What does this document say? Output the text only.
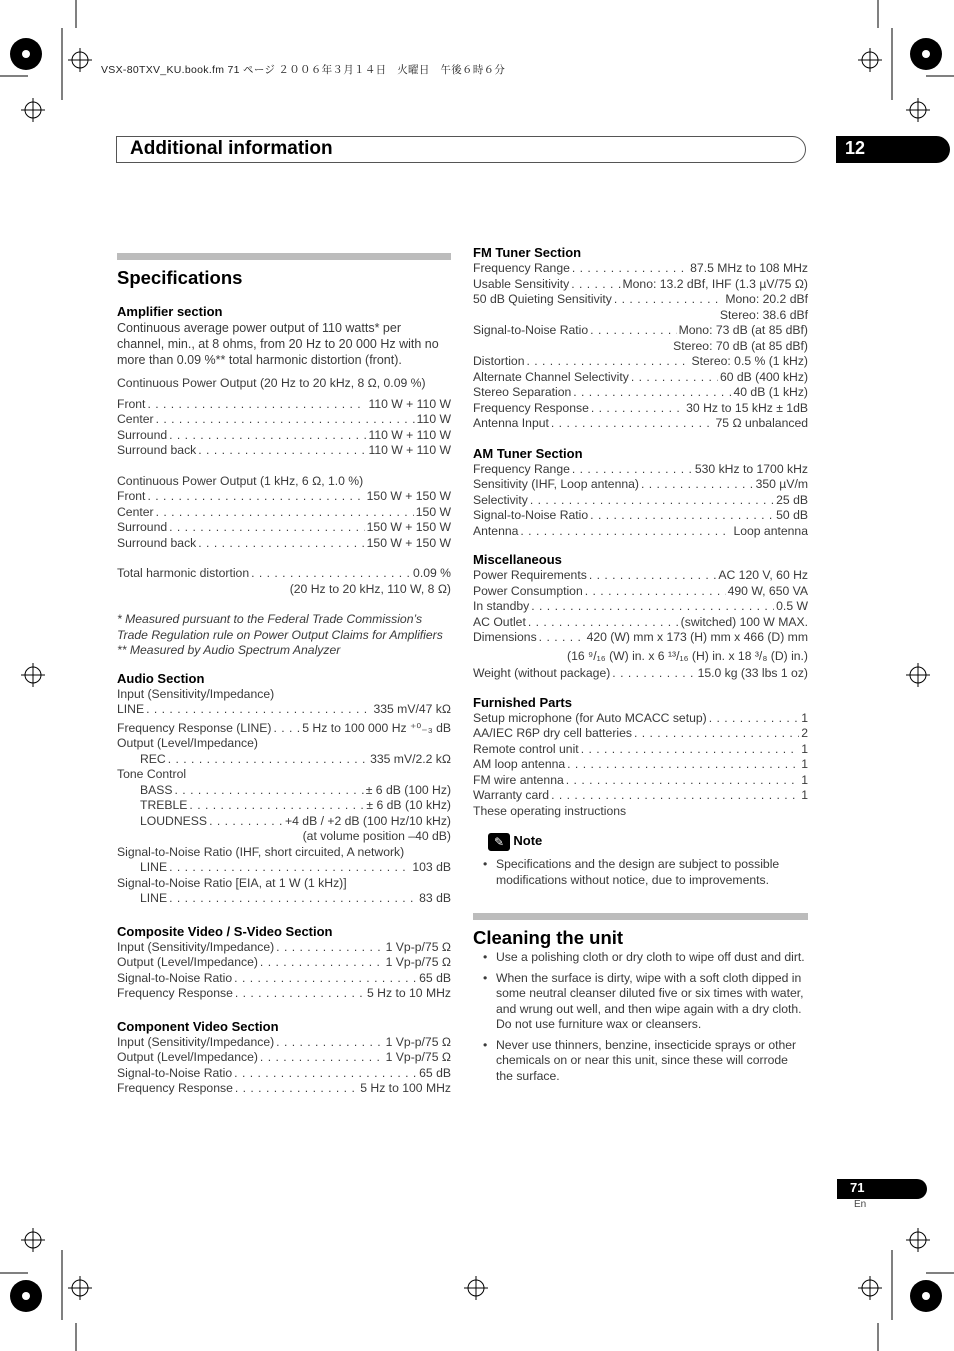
VSX-80TXV_KU.book.fm 71 ページ ２００６年３月１４日　火曜日　午後６時６分
Additional information	12
Specifications
Amplifier section

Continuous average power output of 110 watts* per channel, min., at 8 ohms, from 20 Hz to 20 000 Hz with no more than 0.09 %** total harmonic distortion (front).

Continuous Power Output (20 Hz to 20 kHz, 8 Ω, 0.09 %)

Front . . .	110 W + 110 W
Center . . .	110 W
Surround . . .	110 W + 110 W
Surround back . . .	110 W + 110 W

Continuous Power Output (1 kHz, 6 Ω, 1.0 %)

Front . . .	150 W + 150 W
Center . . .	150 W
Surround . . .	150 W + 150 W
Surround back . . .	150 W + 150 W
Total harmonic distortion . . .	0.09 %

(20 Hz to 20 kHz, 110 W, 8 Ω)

* Measured pursuant to the Federal Trade Commission’s Trade Regulation rule on Power Output Claims for Amplifiers

** Measured by Audio Spectrum Analyzer

Audio Section

Input (Sensitivity/Impedance)

LINE . . .	335 mV/47 kΩ
Frequency Response (LINE) . . .	5 Hz to 100 000 Hz ⁺⁰₋₃ dB

Output (Level/Impedance)

REC . . .	335 mV/2.2 kΩ

Tone Control

BASS . . .	± 6 dB (100 Hz)
TREBLE . . .	± 6 dB (10 kHz)
LOUDNESS . . .	+4 dB / +2 dB (100 Hz/10 kHz)

(at volume position –40 dB)

Signal-to-Noise Ratio (IHF, short circuited, A network)

LINE . . .	103 dB

Signal-to-Noise Ratio [EIA, at 1 W (1 kHz)]

LINE . . .	83 dB
Composite Video / S-Video Section
Input (Sensitivity/Impedance) . . .	1 Vp-p/75 Ω
Output (Level/Impedance) . . .	1 Vp-p/75 Ω
Signal-to-Noise Ratio . . .	65 dB
Frequency Response . . .	5 Hz to 10 MHz
Component Video Section
Input (Sensitivity/Impedance) . . .	1 Vp-p/75 Ω
Output (Level/Impedance) . . .	1 Vp-p/75 Ω
Signal-to-Noise Ratio . . .	65 dB
Frequency Response . . .	5 Hz to 100 MHz
FM Tuner Section
Frequency Range . . .	87.5 MHz to 108 MHz
Usable Sensitivity . . .	Mono: 13.2 dBf, IHF (1.3 µV/75 Ω)
50 dB Quieting Sensitivity . . .	Mono: 20.2 dBf

Stereo: 38.6 dBf

Signal-to-Noise Ratio . . .	Mono: 73 dB (at 85 dBf)

Stereo: 70 dB (at 85 dBf)

Distortion . . .	Stereo: 0.5 % (1 kHz)
Alternate Channel Selectivity . . .	60 dB (400 kHz)
Stereo Separation . . .	40 dB (1 kHz)
Frequency Response . . .	30 Hz to 15 kHz ± 1dB
Antenna Input . . .	75 Ω unbalanced
AM Tuner Section
Frequency Range . . .	530 kHz to 1700 kHz
Sensitivity (IHF, Loop antenna) . . .	350 µV/m
Selectivity . . .	25 dB
Signal-to-Noise Ratio . . .	50 dB
Antenna . . .	Loop antenna
Miscellaneous
Power Requirements . . .	AC 120 V, 60 Hz
Power Consumption . . .	490 W, 650 VA
In standby . . .	0.5 W
AC Outlet . . .	(switched) 100 W MAX.
Dimensions . . .	420 (W) mm x 173 (H) mm x 466 (D) mm

(16 ⁹/₁₆ (W) in. x 6 ¹³/₁₆ (H) in. x 18 ³/₈ (D) in.)

Weight (without package) . . .	15.0 kg (33 lbs 1 oz)
Furnished Parts
Setup microphone (for Auto MCACC setup) . . .	1
AA/IEC R6P dry cell batteries . . .	2
Remote control unit . . .	1
AM loop antenna . . .	1
FM wire antenna . . .	1
Warranty card . . .	1

These operating instructions

✎ Note
• Specifications and the design are subject to possible modifications without notice, due to improvements.
Cleaning the unit
• Use a polishing cloth or dry cloth to wipe off dust and dirt.
• When the surface is dirty, wipe with a soft cloth dipped in some neutral cleanser diluted five or six times with water, and wrung out well, and then wipe again with a dry cloth. Do not use furniture wax or cleansers.
• Never use thinners, benzine, insecticide sprays or other chemicals on or near this unit, since these will corrode the surface.
71
En
